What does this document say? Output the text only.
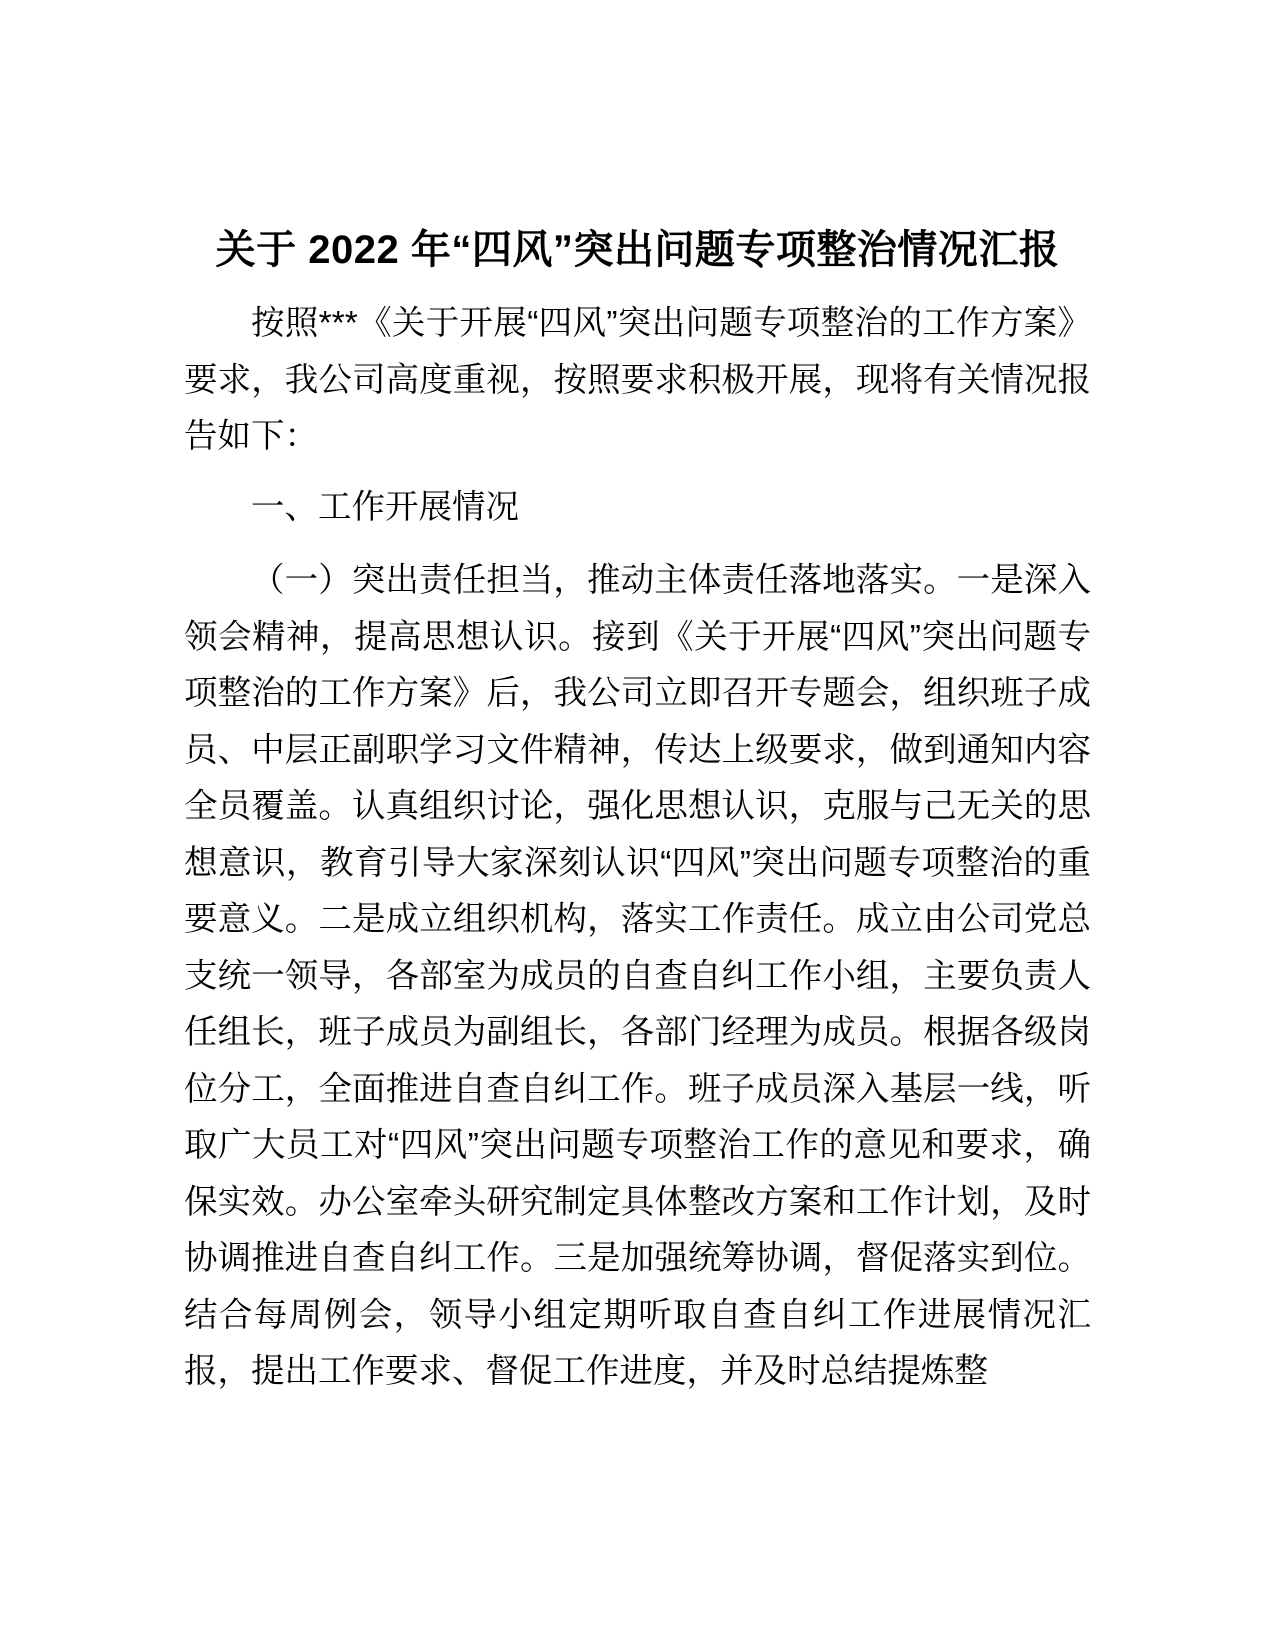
关于 2022 年“四风”突出问题专项整治情况汇报

按照***《关于开展“四风”突出问题专项整治的工作方案》要求，我公司高度重视，按照要求积极开展，现将有关情况报告如下：

一、工作开展情况

（一）突出责任担当，推动主体责任落地落实。一是深入领会精神，提高思想认识。接到《关于开展“四风”突出问题专项整治的工作方案》后，我公司立即召开专题会，组织班子成员、中层正副职学习文件精神，传达上级要求，做到通知内容全员覆盖。认真组织讨论，强化思想认识，克服与己无关的思想意识，教育引导大家深刻认识“四风”突出问题专项整治的重要意义。二是成立组织机构，落实工作责任。成立由公司党总支统一领导，各部室为成员的自查自纠工作小组，主要负责人任组长，班子成员为副组长，各部门经理为成员。根据各级岗位分工，全面推进自查自纠工作。班子成员深入基层一线，听取广大员工对“四风”突出问题专项整治工作的意见和要求，确保实效。办公室牵头研究制定具体整改方案和工作计划，及时协调推进自查自纠工作。三是加强统筹协调，督促落实到位。结合每周例会，领导小组定期听取自查自纠工作进展情况汇报，提出工作要求、督促工作进度，并及时总结提炼整
